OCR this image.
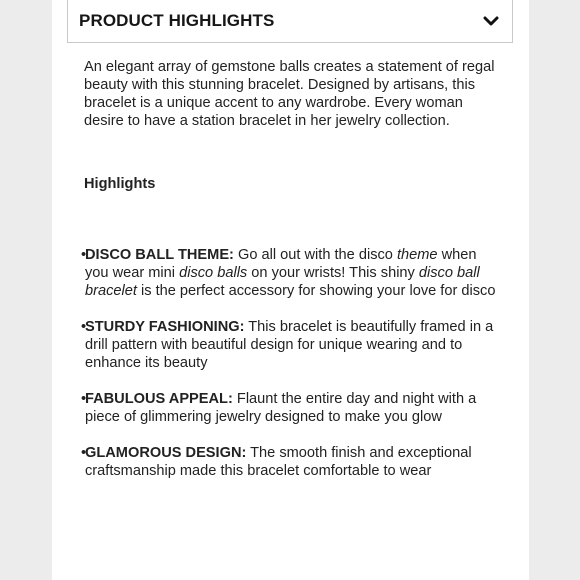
PRODUCT HIGHLIGHTS

An elegant array of gemstone balls creates a statement of regal beauty with this stunning bracelet. Designed by artisans, this bracelet is a unique accent to any wardrobe. Every woman desire to have a station bracelet in her jewelry collection.

Highlights
•
DISCO BALL THEME: Go all out with the disco theme when you wear mini disco balls on your wrists! This shiny disco ball bracelet is the perfect accessory for showing your love for disco
•
STURDY FASHIONING: This bracelet is beautifully framed in a drill pattern with beautiful design for unique wearing and to enhance its beauty
•
FABULOUS APPEAL: Flaunt the entire day and night with a piece of glimmering jewelry designed to make you glow
•
GLAMOROUS DESIGN: The smooth finish and exceptional craftsmanship made this bracelet comfortable to wear
